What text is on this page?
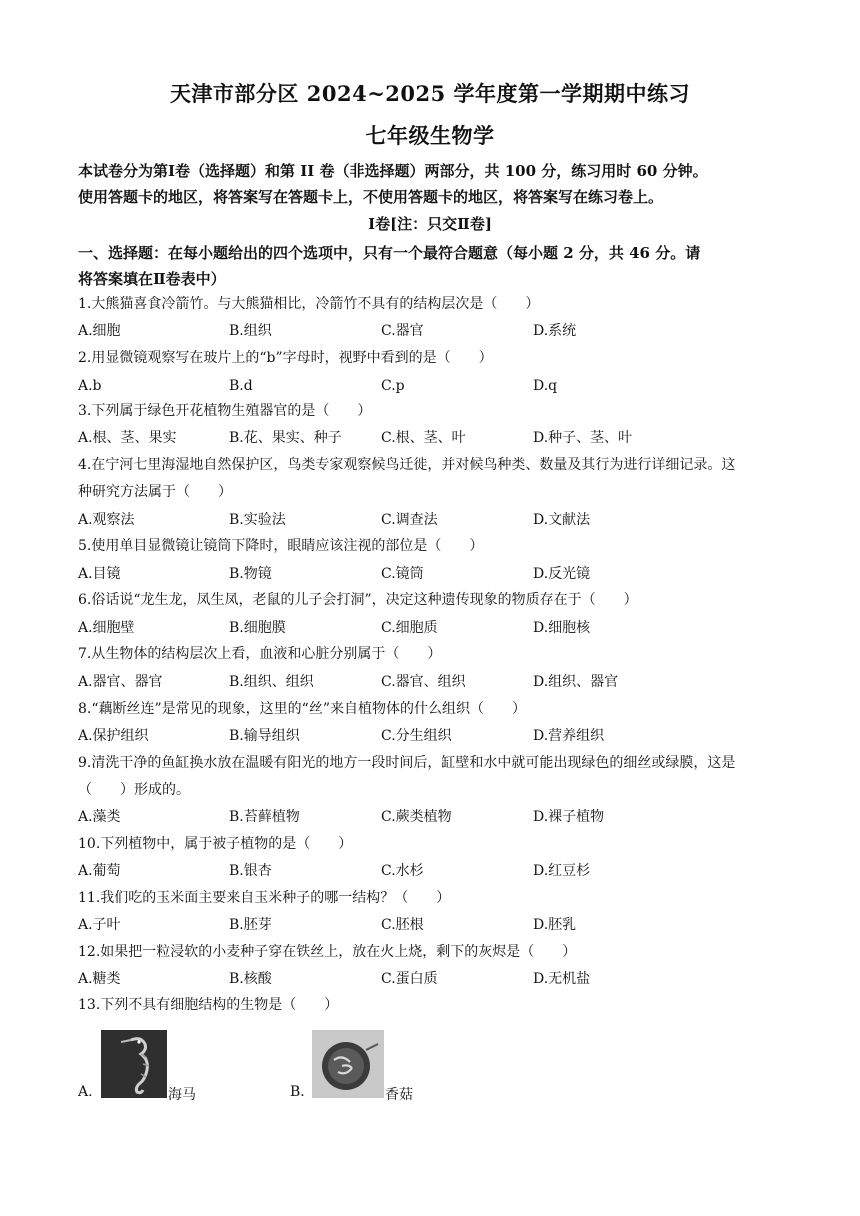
天津市部分区 2024~2025 学年度第一学期期中练习
七年级生物学
本试卷分为第Ⅰ卷（选择题）和第 II 卷（非选择题）两部分，共 100 分，练习用时 60 分钟。
使用答题卡的地区，将答案写在答题卡上，不使用答题卡的地区，将答案写在练习卷上。
Ⅰ卷[注：只交Ⅱ卷]
一、选择题：在每小题给出的四个选项中，只有一个最符合题意（每小题 2 分，共 46 分。请
将答案填在Ⅱ卷表中）
1.大熊猫喜食冷箭竹。与大熊猫相比，冷箭竹不具有的结构层次是（　　）
A.细胞	B.组织	C.器官	D.系统
2.用显微镜观察写在玻片上的“b”字母时，视野中看到的是（　　）
A.b	B.d	C.p	D.q
3.下列属于绿色开花植物生殖器官的是（　　）
A.根、茎、果实	B.花、果实、种子	C.根、茎、叶	D.种子、茎、叶
4.在宁河七里海湿地自然保护区，鸟类专家观察候鸟迁徙，并对候鸟种类、数量及其行为进行详细记录。这
种研究方法属于（　　）
A.观察法	B.实验法	C.调查法	D.文献法
5.使用单目显微镜让镜筒下降时，眼睛应该注视的部位是（　　）
A.目镜	B.物镜	C.镜筒	D.反光镜
6.俗话说“龙生龙，凤生凤，老鼠的儿子会打洞”，决定这种遗传现象的物质存在于（　　）
A.细胞壁	B.细胞膜	C.细胞质	D.细胞核
7.从生物体的结构层次上看，血液和心脏分别属于（　　）
A.器官、器官	B.组织、组织	C.器官、组织	D.组织、器官
8.“藕断丝连”是常见的现象，这里的“丝”来自植物体的什么组织（　　）
A.保护组织	B.输导组织	C.分生组织	D.营养组织
9.清洗干净的鱼缸换水放在温暖有阳光的地方一段时间后，缸壁和水中就可能出现绿色的细丝或绿膜，这是
（　　）形成的。
A.藻类	B.苔藓植物	C.蕨类植物	D.裸子植物
10.下列植物中，属于被子植物的是（　　）
A.葡萄	B.银杏	C.水杉	D.红豆杉
11.我们吃的玉米面主要来自玉米种子的哪一结构？（　　）
A.子叶	B.胚芽	C.胚根	D.胚乳
12.如果把一粒浸软的小麦种子穿在铁丝上，放在火上烧，剩下的灰烬是（　　）
A.糖类	B.核酸	C.蛋白质	D.无机盐
13.下列不具有细胞结构的生物是（　　）
A.	海马	B.	香菇
